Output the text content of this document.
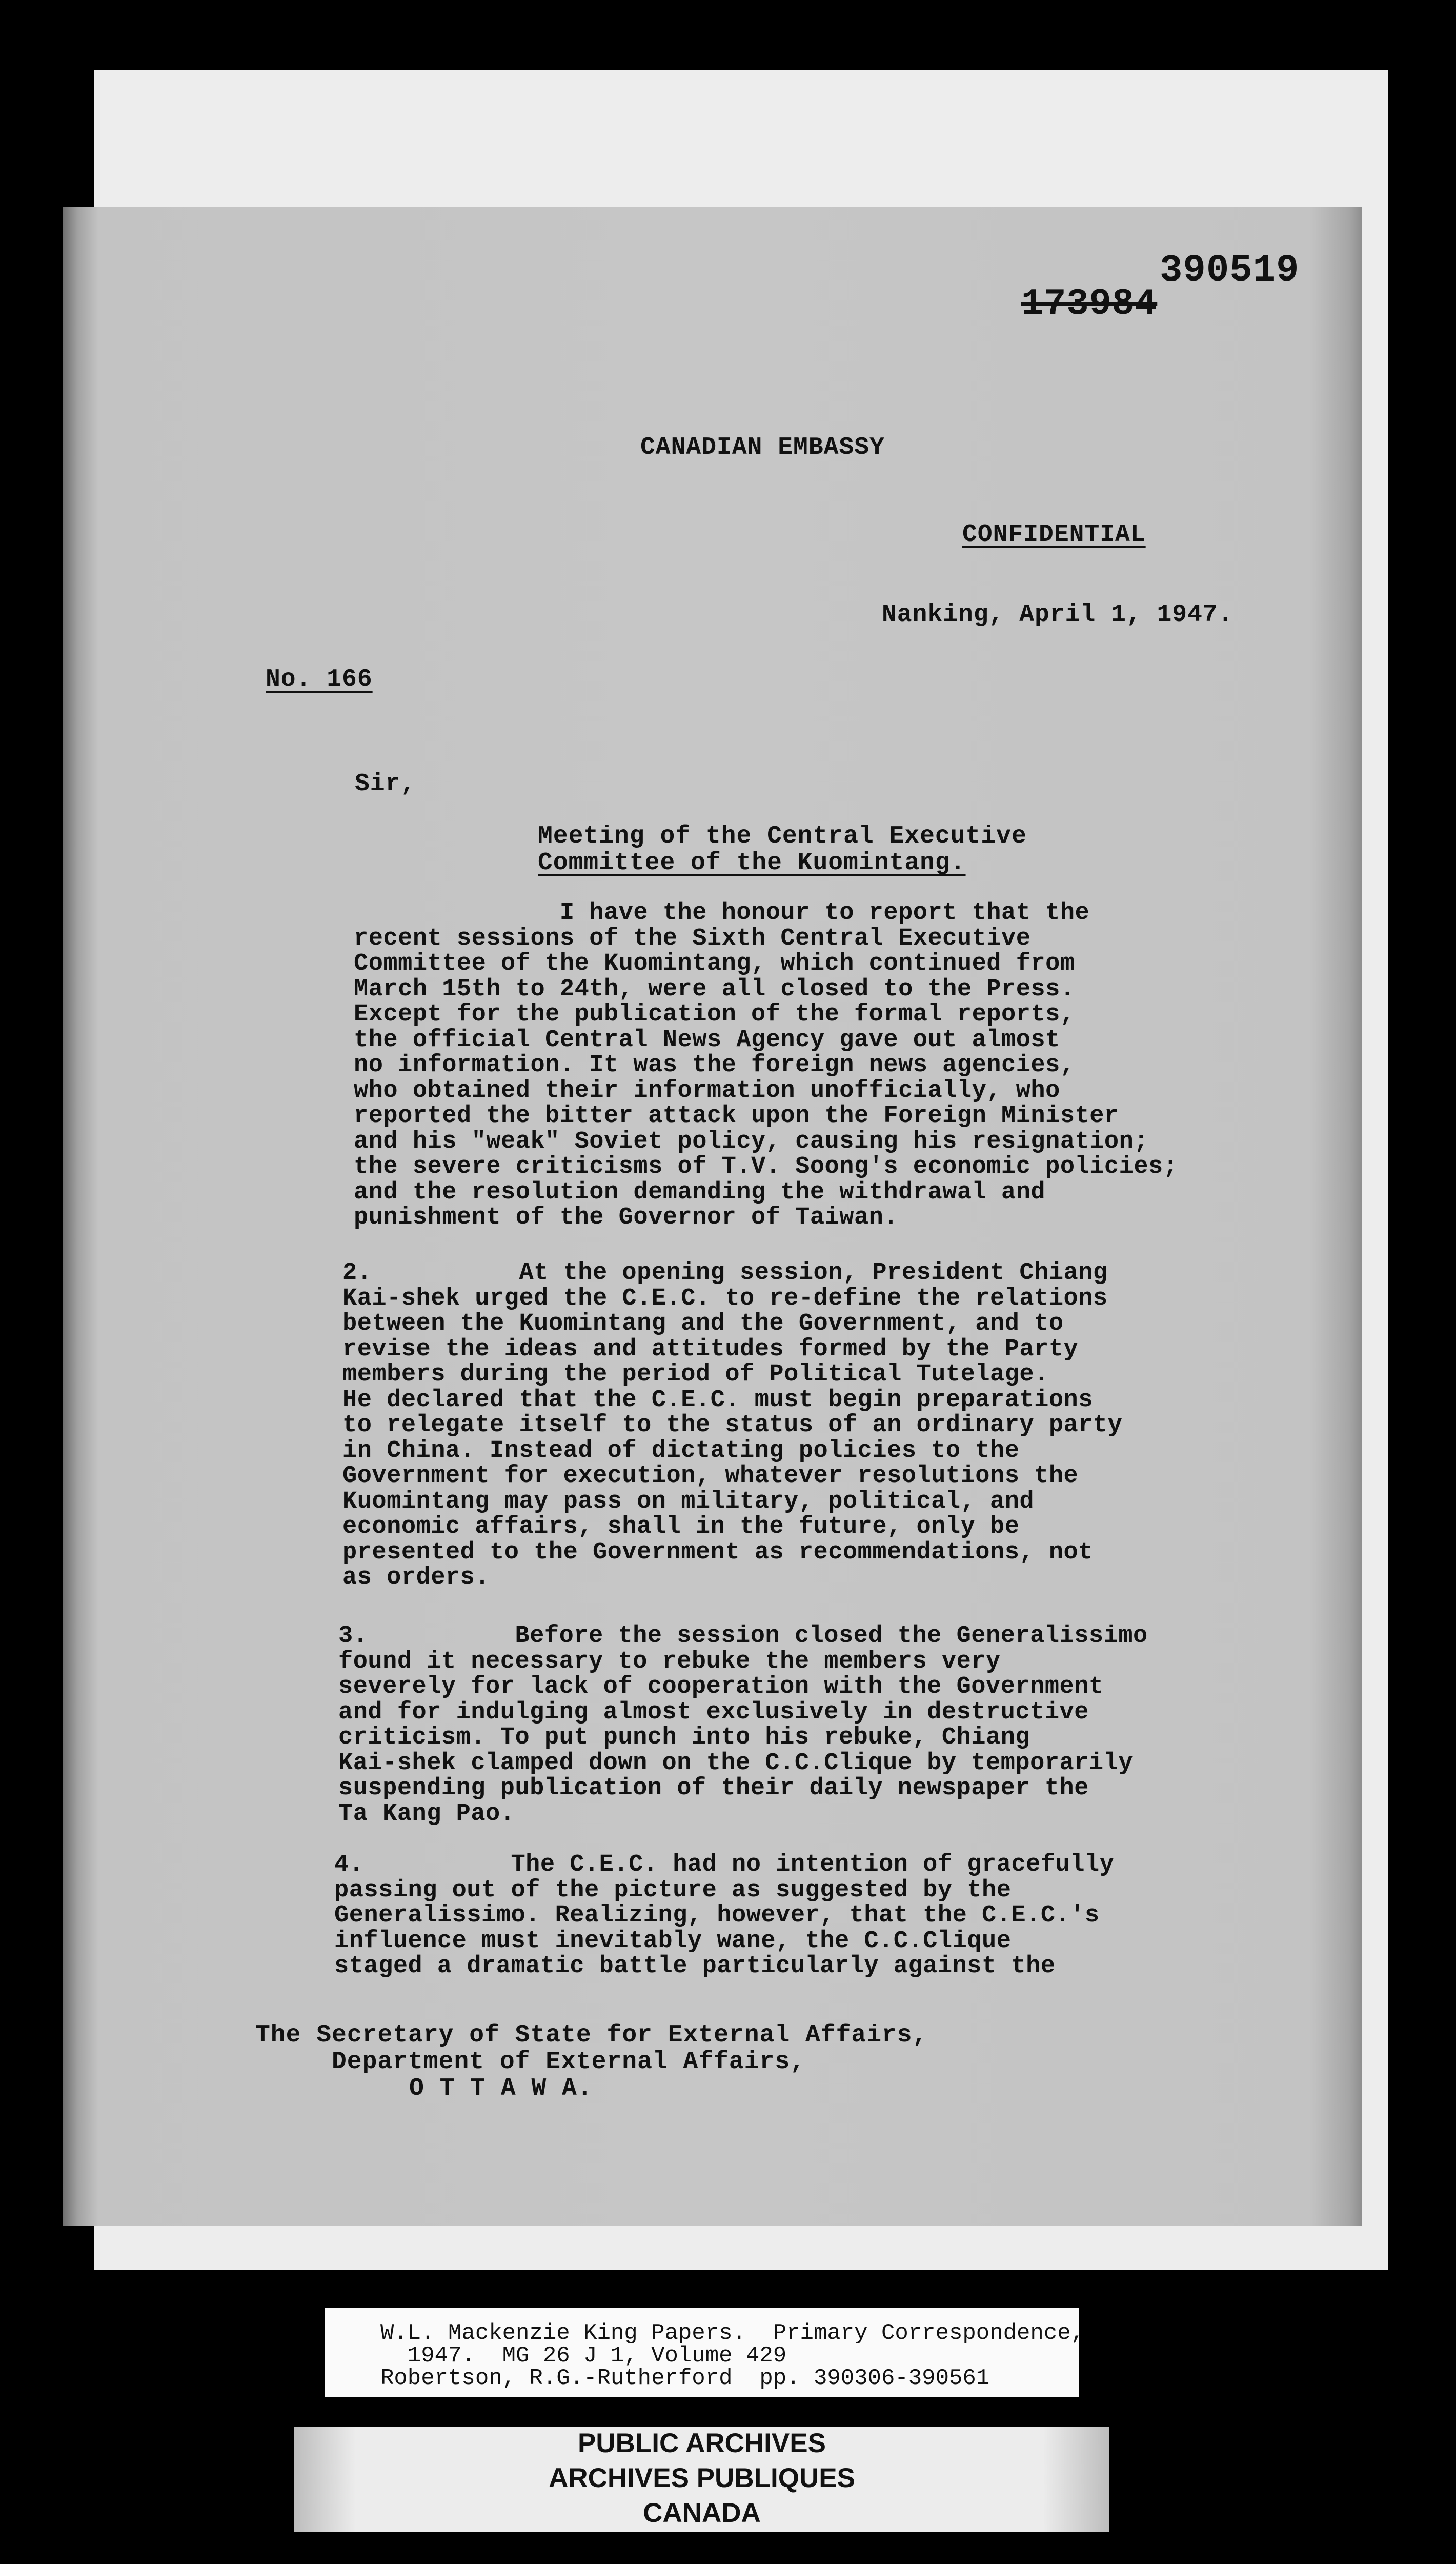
390519
173984
CANADIAN EMBASSY
CONFIDENTIAL
Nanking, April 1, 1947.
No. 166
Sir,
Meeting of the Central Executive
Committee of the Kuomintang.
I have the honour to report that the
recent sessions of the Sixth Central Executive
Committee of the Kuomintang, which continued from
March 15th to 24th, were all closed to the Press.
Except for the publication of the formal reports,
the official Central News Agency gave out almost
no information. It was the foreign news agencies,
who obtained their information unofficially, who
reported the bitter attack upon the Foreign Minister
and his "weak" Soviet policy, causing his resignation;
the severe criticisms of T.V. Soong's economic policies;
and the resolution demanding the withdrawal and
punishment of the Governor of Taiwan.
2.          At the opening session, President Chiang
Kai-shek urged the C.E.C. to re-define the relations
between the Kuomintang and the Government, and to
revise the ideas and attitudes formed by the Party
members during the period of Political Tutelage.
He declared that the C.E.C. must begin preparations
to relegate itself to the status of an ordinary party
in China. Instead of dictating policies to the
Government for execution, whatever resolutions the
Kuomintang may pass on military, political, and
economic affairs, shall in the future, only be
presented to the Government as recommendations, not
as orders.
3.          Before the session closed the Generalissimo
found it necessary to rebuke the members very
severely for lack of cooperation with the Government
and for indulging almost exclusively in destructive
criticism. To put punch into his rebuke, Chiang
Kai-shek clamped down on the C.C.Clique by temporarily
suspending publication of their daily newspaper the
Ta Kang Pao.
4.          The C.E.C. had no intention of gracefully
passing out of the picture as suggested by the
Generalissimo. Realizing, however, that the C.E.C.'s
influence must inevitably wane, the C.C.Clique
staged a dramatic battle particularly against the
The Secretary of State for External Affairs,
Department of External Affairs,
O T T A W A.
W.L. Mackenzie King Papers.  Primary Correspondence,
1947.  MG 26 J 1, Volume 429
Robertson, R.G.-Rutherford  pp. 390306-390561
PUBLIC ARCHIVES
ARCHIVES PUBLIQUES
CANADA
